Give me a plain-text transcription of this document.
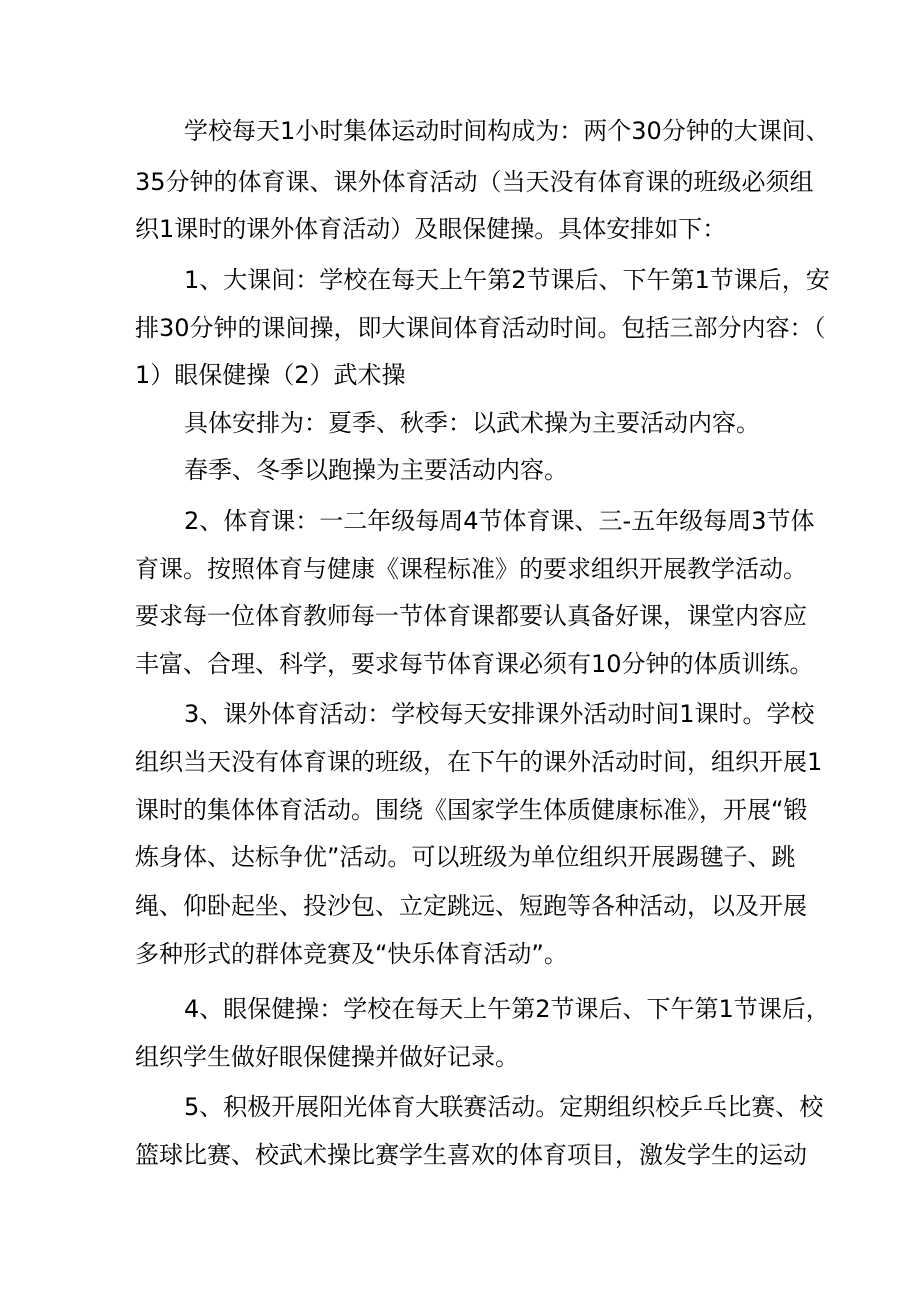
学校每天1小时集体运动时间构成为：两个30分钟的大课间、
35分钟的体育课、课外体育活动（当天没有体育课的班级必须组
织1课时的课外体育活动）及眼保健操。具体安排如下：
1、大课间：学校在每天上午第2节课后、下午第1节课后，安
排30分钟的课间操，即大课间体育活动时间。包括三部分内容：（
1）眼保健操（2）武术操
具体安排为：夏季、秋季：以武术操为主要活动内容。
春季、冬季以跑操为主要活动内容。
2、体育课：一二年级每周4节体育课、三-五年级每周3节体
育课。按照体育与健康《课程标准》的要求组织开展教学活动。
要求每一位体育教师每一节体育课都要认真备好课，课堂内容应
丰富、合理、科学，要求每节体育课必须有10分钟的体质训练。
3、课外体育活动：学校每天安排课外活动时间1课时。学校
组织当天没有体育课的班级，在下午的课外活动时间，组织开展1
课时的集体体育活动。围绕《国家学生体质健康标准》，开展“锻
炼身体、达标争优”活动。可以班级为单位组织开展踢毽子、跳
绳、仰卧起坐、投沙包、立定跳远、短跑等各种活动，以及开展
多种形式的群体竞赛及“快乐体育活动”。
4、眼保健操：学校在每天上午第2节课后、下午第1节课后，
组织学生做好眼保健操并做好记录。
5、积极开展阳光体育大联赛活动。定期组织校乒乓比赛、校
篮球比赛、校武术操比赛学生喜欢的体育项目，激发学生的运动
